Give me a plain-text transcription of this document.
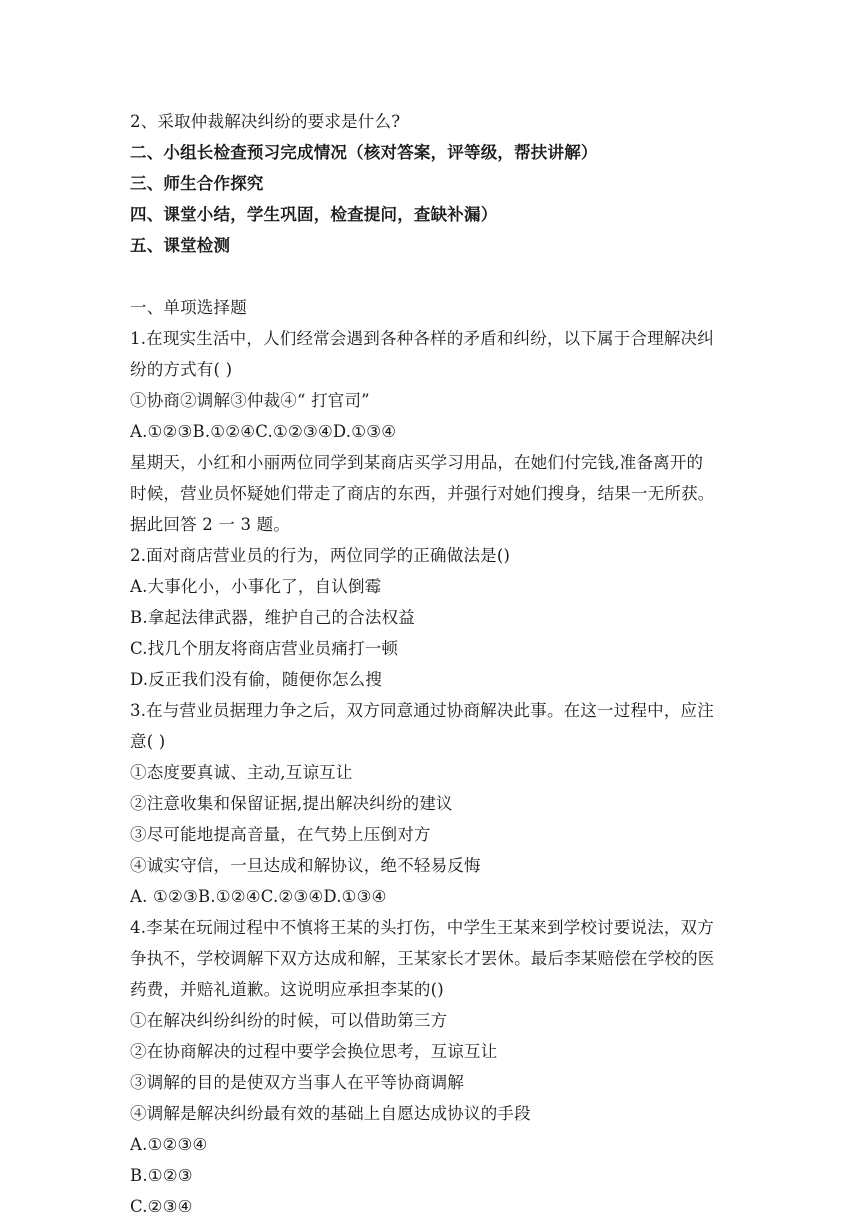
2、采取仲裁解决纠纷的要求是什么?
二、小组长检查预习完成情况（核对答案，评等级，帮扶讲解）
三、师生合作探究
四、课堂小结，学生巩固，检查提问，查缺补漏）
五、课堂检测
一、单项选择题
1.在现实生活中，人们经常会遇到各种各样的矛盾和纠纷，以下属于合理解决纠
纷的方式有( )
①协商②调解③仲裁④“ 打官司”
A.①②③B.①②④C.①②③④D.①③④
星期天，小红和小丽两位同学到某商店买学习用品，在她们付完钱,准备离开的
时候，营业员怀疑她们带走了商店的东西，并强行对她们搜身，结果一无所获。
据此回答 2 一 3 题。
2.面对商店营业员的行为，两位同学的正确做法是()
A.大事化小，小事化了，自认倒霉
B.拿起法律武器，维护自己的合法权益
C.找几个朋友将商店营业员痛打一顿
D.反正我们没有偷，随便你怎么搜
3.在与营业员据理力争之后，双方同意通过协商解决此事。在这一过程中，应注
意( )
①态度要真诚、主动,互谅互让
②注意收集和保留证据,提出解决纠纷的建议
③尽可能地提高音量，在气势上压倒对方
④诚实守信，一旦达成和解协议，绝不轻易反悔
A. ①②③B.①②④C.②③④D.①③④
4.李某在玩闹过程中不慎将王某的头打伤，中学生王某来到学校讨要说法，双方
争执不，学校调解下双方达成和解，王某家长才罢休。最后李某赔偿在学校的医
药费，并赔礼道歉。这说明应承担李某的()
①在解决纠纷纠纷的时候，可以借助第三方
②在协商解决的过程中要学会换位思考，互谅互让
③调解的目的是使双方当事人在平等协商调解
④调解是解决纠纷最有效的基础上自愿达成协议的手段
A.①②③④
B.①②③
C.②③④
